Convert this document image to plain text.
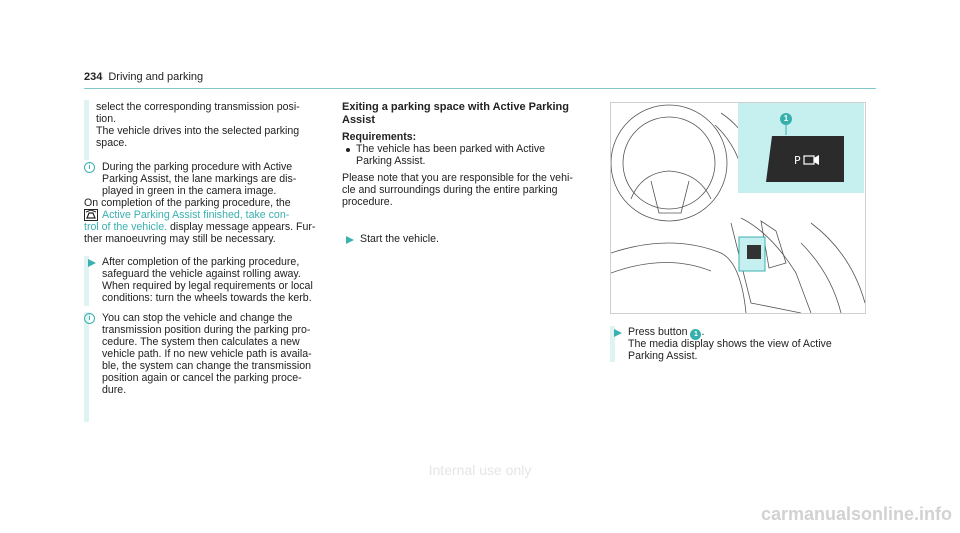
234 Driving and parking
select the corresponding transmission posi-
tion.
The vehicle drives into the selected parking
space.
i	During the parking procedure with Active
Parking Assist, the lane markings are dis-
played in green in the camera image.
On completion of the parking procedure, the
Active Parking Assist finished, take con-
trol of the vehicle. display message appears. Fur-
ther manoeuvring may still be necessary.
After completion of the parking procedure,
safeguard the vehicle against rolling away.
When required by legal requirements or local
conditions: turn the wheels towards the kerb.
i	You can stop the vehicle and change the
transmission position during the parking pro-
cedure. The system then calculates a new
vehicle path. If no new vehicle path is availa-
ble, the system can change the transmission
position again or cancel the parking proce-
dure.
Exiting a parking space with Active Parking
Assist
Requirements:
The vehicle has been parked with Active
Parking Assist.
Please note that you are responsible for the vehi-
cle and surroundings during the entire parking
procedure.
Start the vehicle.
1
P
Press button 1 .
The media display shows the view of Active
Parking Assist.
Internal use only
carmanualsonline.info
